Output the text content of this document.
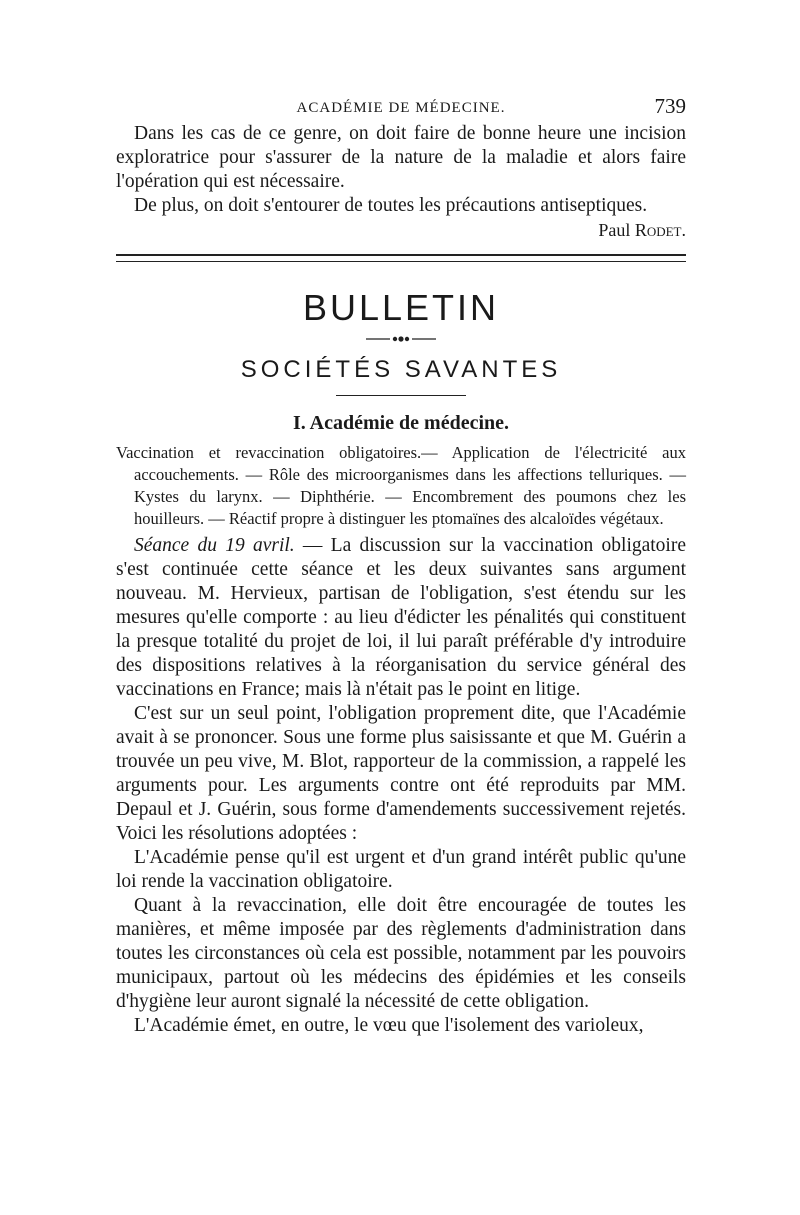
ACADÉMIE DE MÉDECINE.	739

Dans les cas de ce genre, on doit faire de bonne heure une incision exploratrice pour s'assurer de la nature de la maladie et alors faire l'opération qui est nécessaire.

De plus, on doit s'entourer de toutes les précautions antiseptiques.

Paul Rodet.

BULLETIN
SOCIÉTÉS SAVANTES
I. Académie de médecine.

Vaccination et revaccination obligatoires.— Application de l'électricité aux accouchements. — Rôle des microorganismes dans les affections telluriques. — Kystes du larynx. — Diphthérie. — Encombrement des poumons chez les houilleurs. — Réactif propre à distinguer les ptomaïnes des alcaloïdes végétaux.

Séance du 19 avril. — La discussion sur la vaccination obligatoire s'est continuée cette séance et les deux suivantes sans argument nouveau. M. Hervieux, partisan de l'obligation, s'est étendu sur les mesures qu'elle comporte : au lieu d'édicter les pénalités qui constituent la presque totalité du projet de loi, il lui paraît préférable d'y introduire des dispositions relatives à la réorganisation du service général des vaccinations en France; mais là n'était pas le point en litige.

C'est sur un seul point, l'obligation proprement dite, que l'Académie avait à se prononcer. Sous une forme plus saisissante et que M. Guérin a trouvée un peu vive, M. Blot, rapporteur de la commission, a rappelé les arguments pour. Les arguments contre ont été reproduits par MM. Depaul et J. Guérin, sous forme d'amendements successivement rejetés. Voici les résolutions adoptées :

L'Académie pense qu'il est urgent et d'un grand intérêt public qu'une loi rende la vaccination obligatoire.

Quant à la revaccination, elle doit être encouragée de toutes les manières, et même imposée par des règlements d'administration dans toutes les circonstances où cela est possible, notamment par les pouvoirs municipaux, partout où les médecins des épidémies et les conseils d'hygiène leur auront signalé la nécessité de cette obligation.

L'Académie émet, en outre, le vœu que l'isolement des varioleux,
